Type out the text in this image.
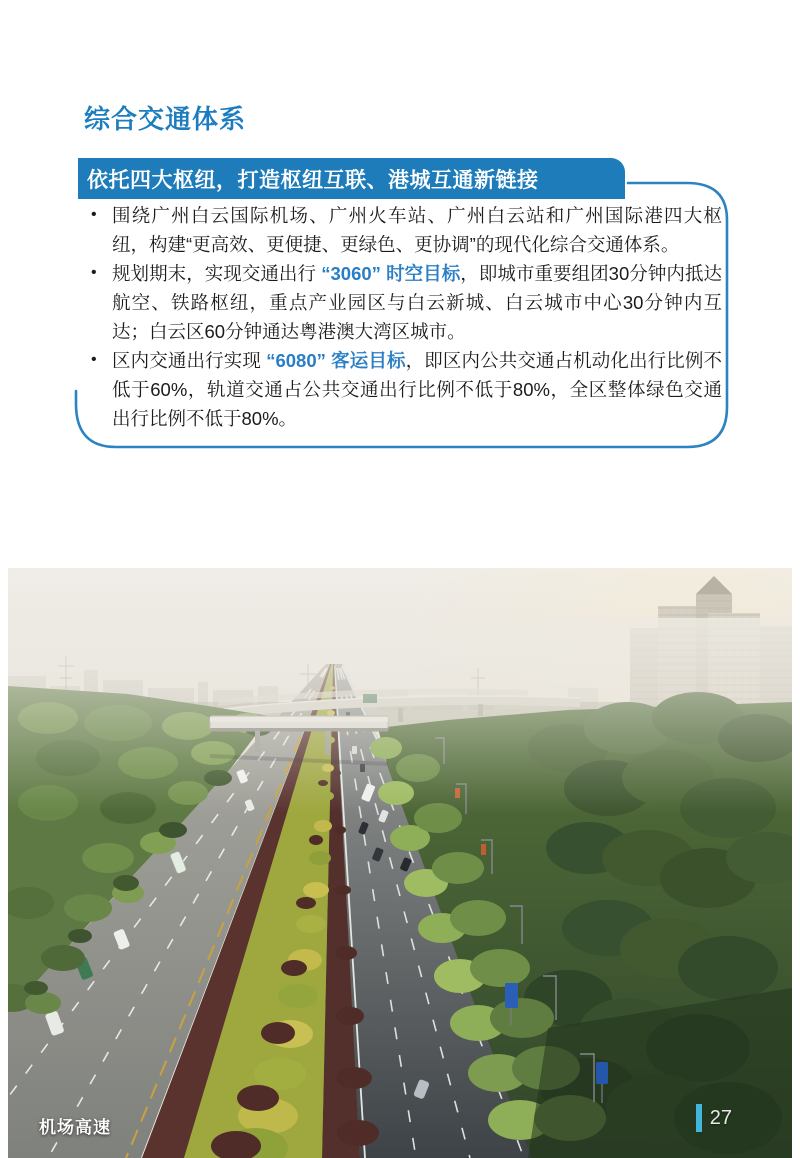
综合交通体系
依托四大枢纽，打造枢纽互联、港城互通新链接
• 围绕广州白云国际机场、广州火车站、广州白云站和广州国际港四大枢纽，构建“更高效、更便捷、更绿色、更协调”的现代化综合交通体系。
• 规划期末，实现交通出行 “3060” 时空目标，即城市重要组团30分钟内抵达航空、铁路枢纽，重点产业园区与白云新城、白云城市中心30分钟内互达；白云区60分钟通达粤港澳大湾区城市。
• 区内交通出行实现 “6080” 客运目标，即区内公共交通占机动化出行比例不低于60%，轨道交通占公共交通出行比例不低于80%，全区整体绿色交通出行比例不低于80%。
机场高速	27
